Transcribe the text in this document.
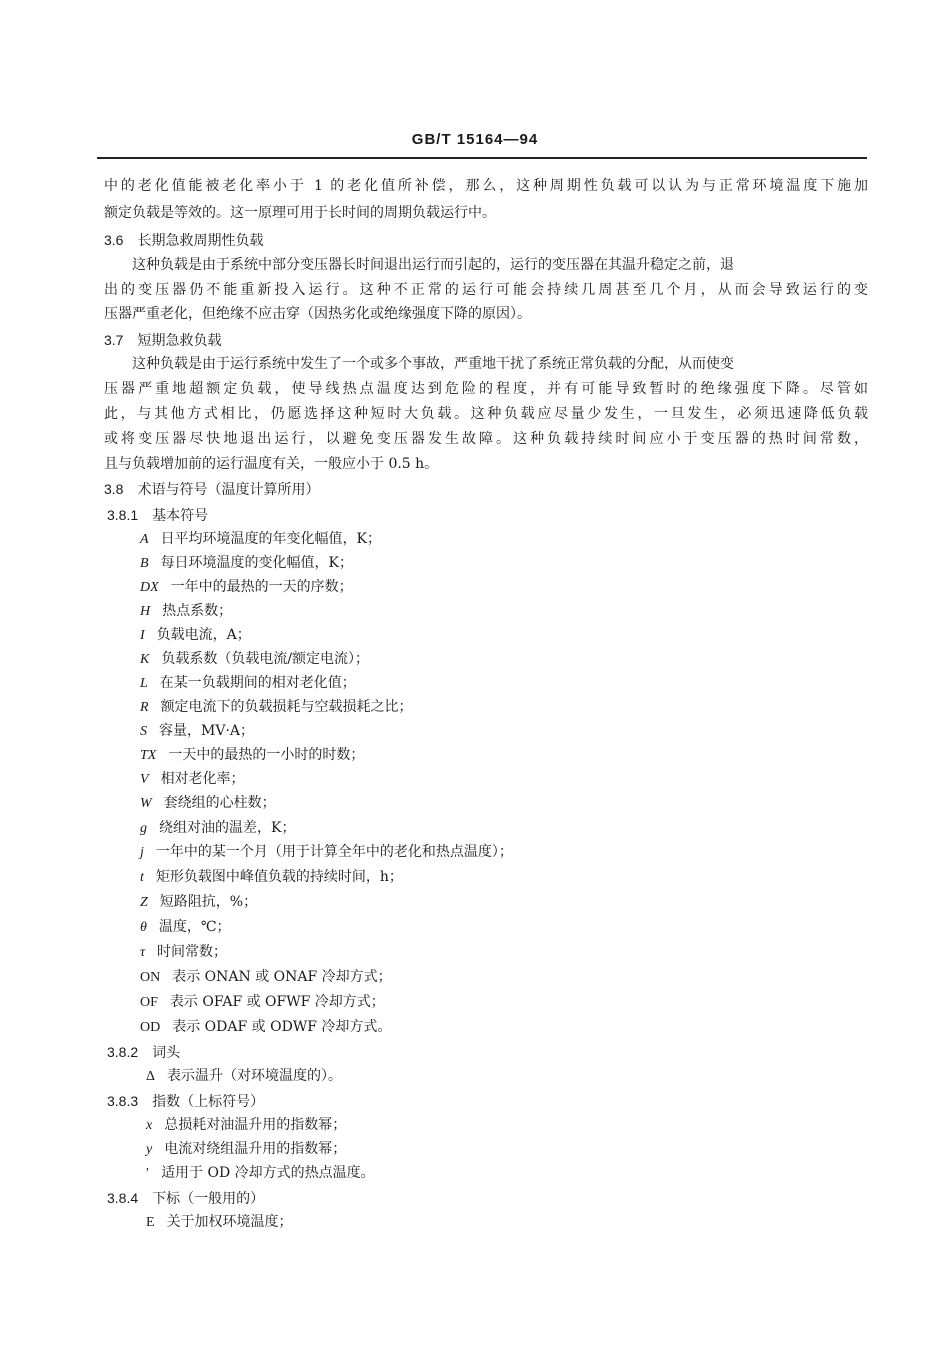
GB/T 15164—94
中的老化值能被老化率小于 1 的老化值所补偿，那么，这种周期性负载可以认为与正常环境温度下施加
额定负载是等效的。这一原理可用于长时间的周期负载运行中。
3.6 长期急救周期性负载
这种负载是由于系统中部分变压器长时间退出运行而引起的，运行的变压器在其温升稳定之前，退
出的变压器仍不能重新投入运行。这种不正常的运行可能会持续几周甚至几个月，从而会导致运行的变
压器严重老化，但绝缘不应击穿（因热劣化或绝缘强度下降的原因）。
3.7 短期急救负载
这种负载是由于运行系统中发生了一个或多个事故，严重地干扰了系统正常负载的分配，从而使变
压器严重地超额定负载，使导线热点温度达到危险的程度，并有可能导致暂时的绝缘强度下降。尽管如
此，与其他方式相比，仍愿选择这种短时大负载。这种负载应尽量少发生，一旦发生，必须迅速降低负载
或将变压器尽快地退出运行，以避免变压器发生故障。这种负载持续时间应小于变压器的热时间常数，
且与负载增加前的运行温度有关，一般应小于 0.5 h。
3.8 术语与符号（温度计算所用）
3.8.1 基本符号
A 日平均环境温度的年变化幅值，K；
B 每日环境温度的变化幅值，K；
DX 一年中的最热的一天的序数；
H 热点系数；
I 负载电流，A；
K 负载系数（负载电流/额定电流）；
L 在某一负载期间的相对老化值；
R 额定电流下的负载损耗与空载损耗之比；
S 容量，MV·A；
TX 一天中的最热的一小时的时数；
V 相对老化率；
W 套绕组的心柱数；
g 绕组对油的温差，K；
j 一年中的某一个月（用于计算全年中的老化和热点温度）；
t 矩形负载图中峰值负载的持续时间，h；
Z 短路阻抗，%；
θ 温度，℃；
τ 时间常数；
ON 表示 ONAN 或 ONAF 冷却方式；
OF 表示 OFAF 或 OFWF 冷却方式；
OD 表示 ODAF 或 ODWF 冷却方式。
3.8.2 词头
Δ 表示温升（对环境温度的）。
3.8.3 指数（上标符号）
x 总损耗对油温升用的指数幂；
y 电流对绕组温升用的指数幂；
′ 适用于 OD 冷却方式的热点温度。
3.8.4 下标（一般用的）
E 关于加权环境温度；
